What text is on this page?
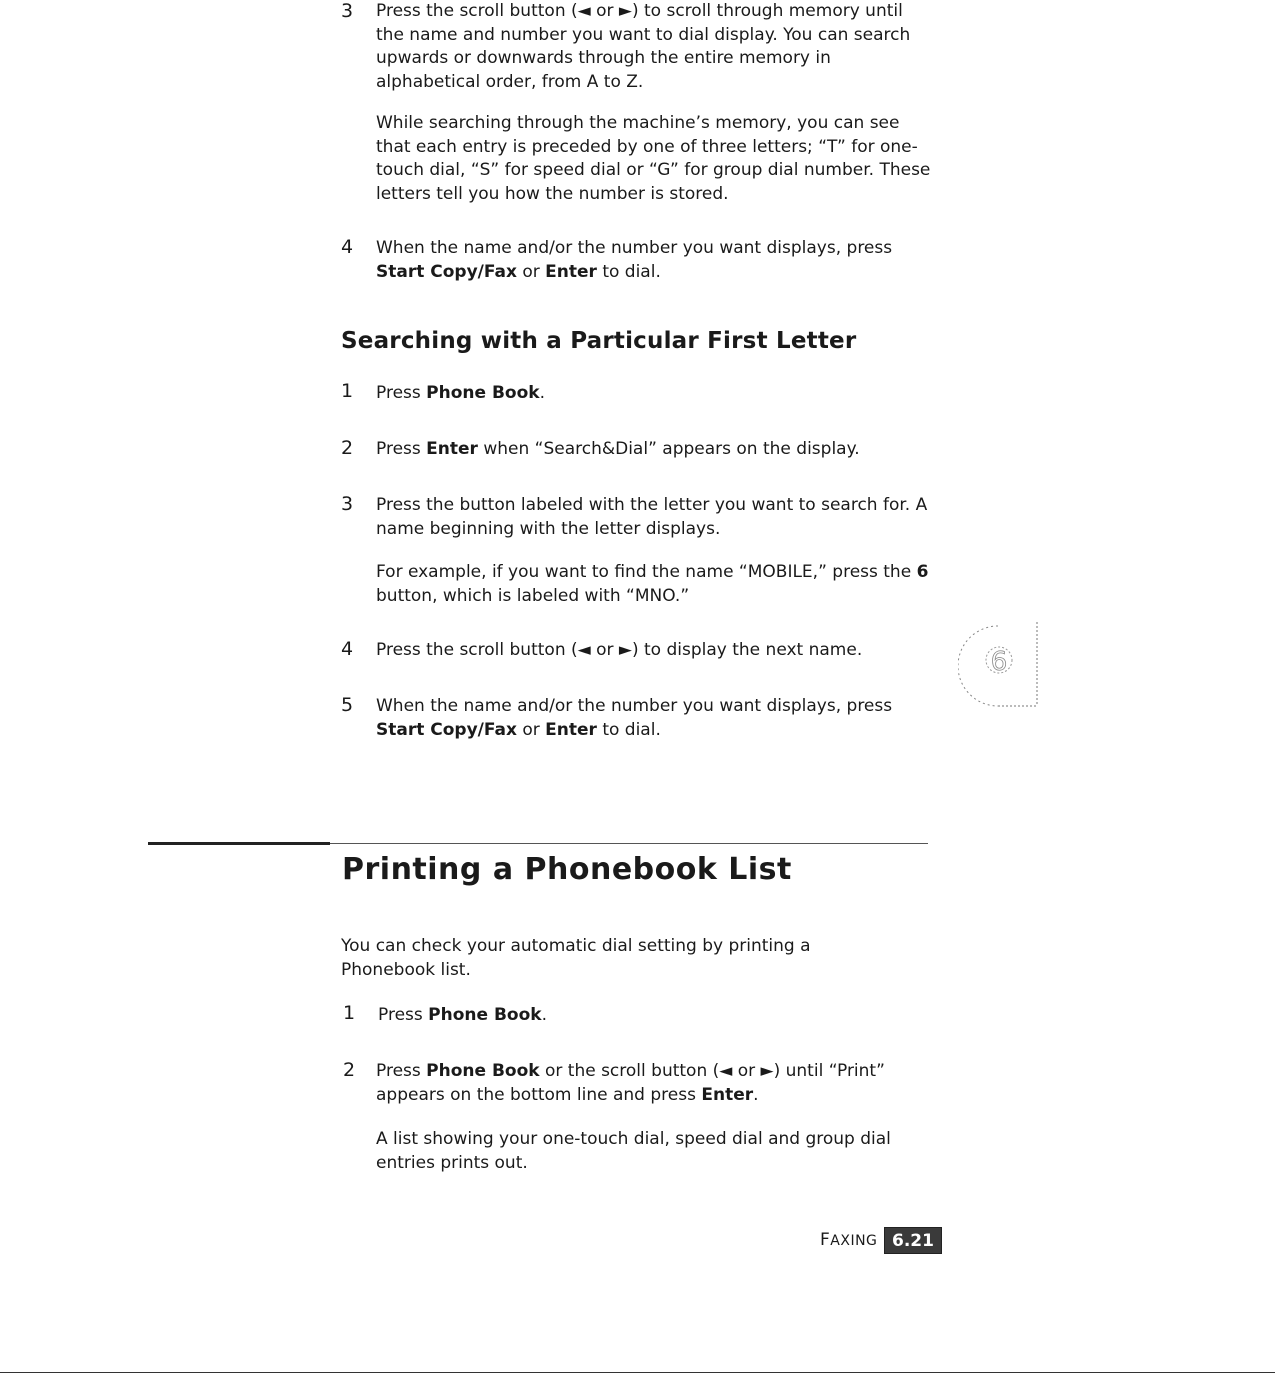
3 Press the scroll button (◄ or ►) to scroll through memory until the name and number you want to dial display. You can search upwards or downwards through the entire memory in alphabetical order, from A to Z.
While searching through the machine’s memory, you can see that each entry is preceded by one of three letters; “T” for one-touch dial, “S” for speed dial or “G” for group dial number. These letters tell you how the number is stored.
4 When the name and/or the number you want displays, press Start Copy/Fax or Enter to dial.
Searching with a Particular First Letter
1 Press Phone Book.
2 Press Enter when “Search&Dial” appears on the display.
3 Press the button labeled with the letter you want to search for. A name beginning with the letter displays.
For example, if you want to find the name “MOBILE,” press the 6 button, which is labeled with “MNO.”
4 Press the scroll button (◄ or ►) to display the next name.
5 When the name and/or the number you want displays, press Start Copy/Fax or Enter to dial.
6
Printing a Phonebook List
You can check your automatic dial setting by printing a Phonebook list.
1 Press Phone Book.
2 Press Phone Book or the scroll button (◄ or ►) until “Print” appears on the bottom line and press Enter.
A list showing your one-touch dial, speed dial and group dial entries prints out.
FAXING 6.21
